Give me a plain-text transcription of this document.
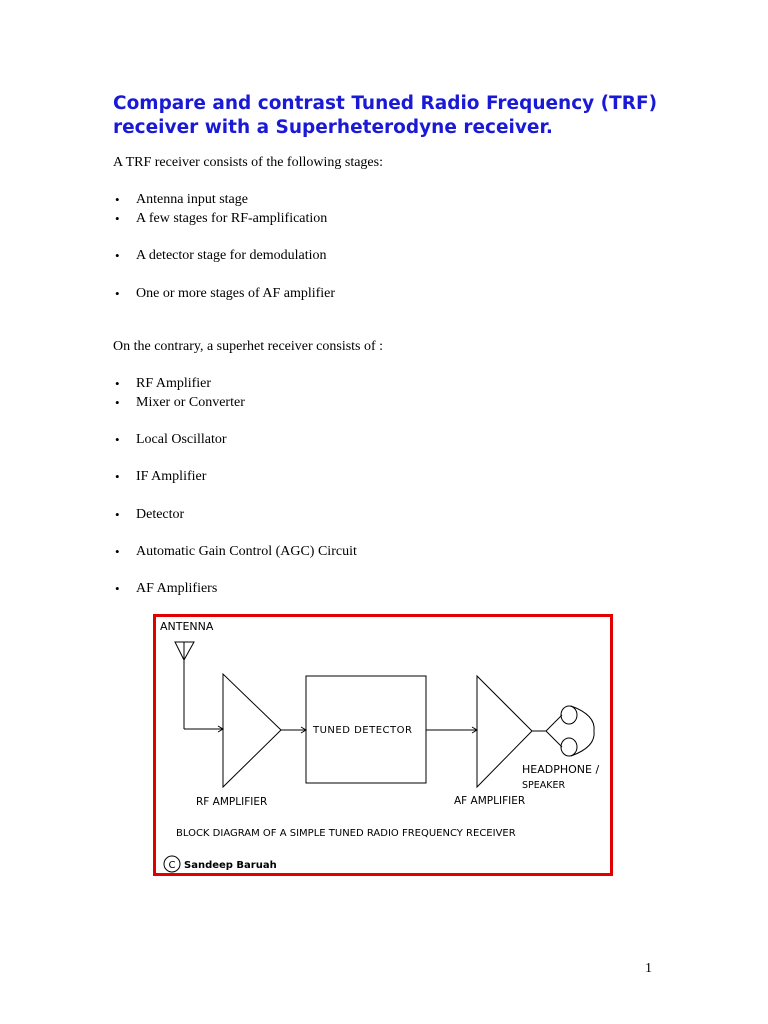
Compare and contrast Tuned Radio Frequency (TRF)
receiver with a Superheterodyne receiver.

A TRF receiver consists of the following stages:

• Antenna input stage
• A few stages for RF-amplification
• A detector stage for demodulation
• One or more stages of AF amplifier

On the contrary, a superhet receiver consists of :

• RF Amplifier
• Mixer or Converter
• Local Oscillator
• IF Amplifier
• Detector
• Automatic Gain Control (AGC) Circuit
• AF Amplifiers
ANTENNA
TUNED DETECTOR
RF AMPLIFIER	AF AMPLIFIER
HEADPHONE /
SPEAKER
BLOCK DIAGRAM OF A SIMPLE TUNED RADIO FREQUENCY RECEIVER
C Sandeep Baruah
1
